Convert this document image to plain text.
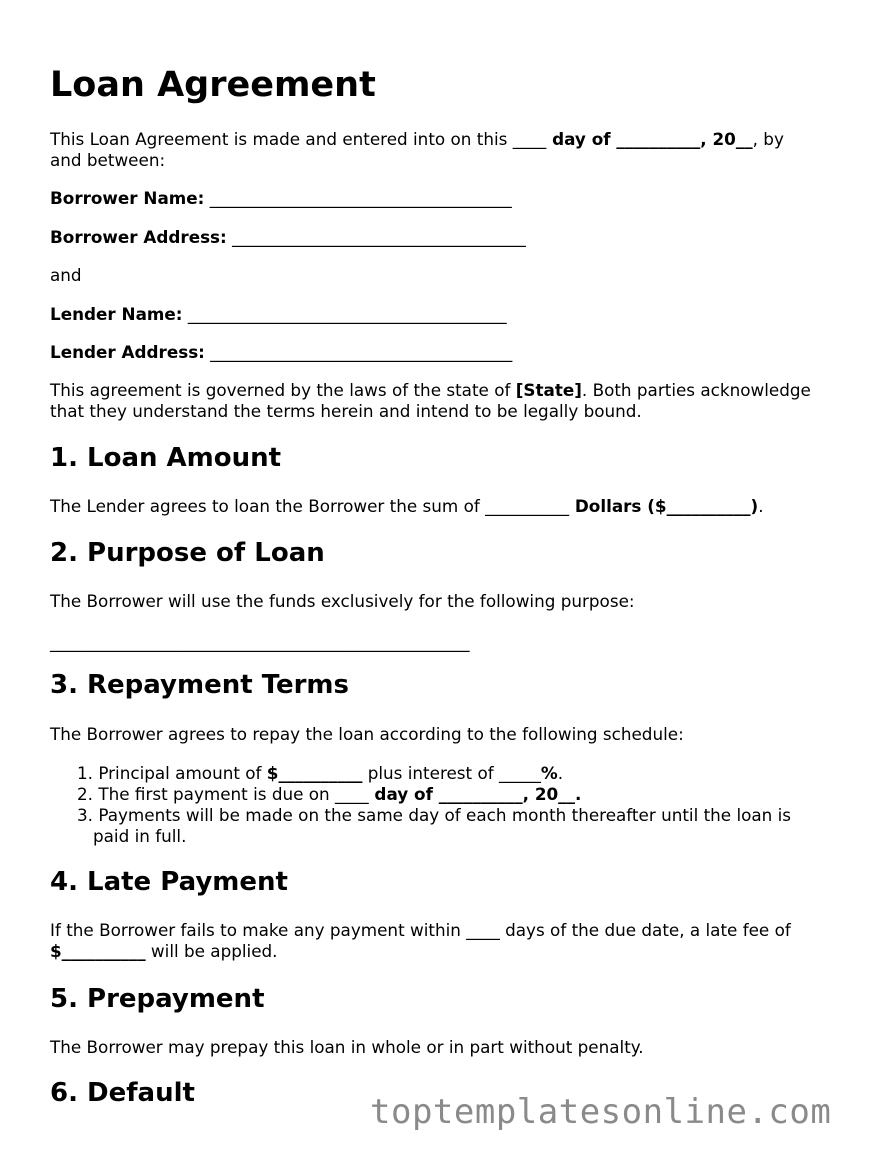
Loan Agreement
This Loan Agreement is made and entered into on this ____ day of __________, 20__, by
and between:
Borrower Name: ____________________________________
Borrower Address: ___________________________________
and
Lender Name: ______________________________________
Lender Address: ____________________________________
This agreement is governed by the laws of the state of [State]. Both parties acknowledge
that they understand the terms herein and intend to be legally bound.
1. Loan Amount
The Lender agrees to loan the Borrower the sum of __________ Dollars ($__________).
2. Purpose of Loan
The Borrower will use the funds exclusively for the following purpose:
__________________________________________________
3. Repayment Terms
The Borrower agrees to repay the loan according to the following schedule:
1. Principal amount of $__________ plus interest of _____%.
2. The first payment is due on ____ day of __________, 20__.
3. Payments will be made on the same day of each month thereafter until the loan is
paid in full.
4. Late Payment
If the Borrower fails to make any payment within ____ days of the due date, a late fee of
$__________ will be applied.
5. Prepayment
The Borrower may prepay this loan in whole or in part without penalty.
6. Default	toptemplatesonline.com
